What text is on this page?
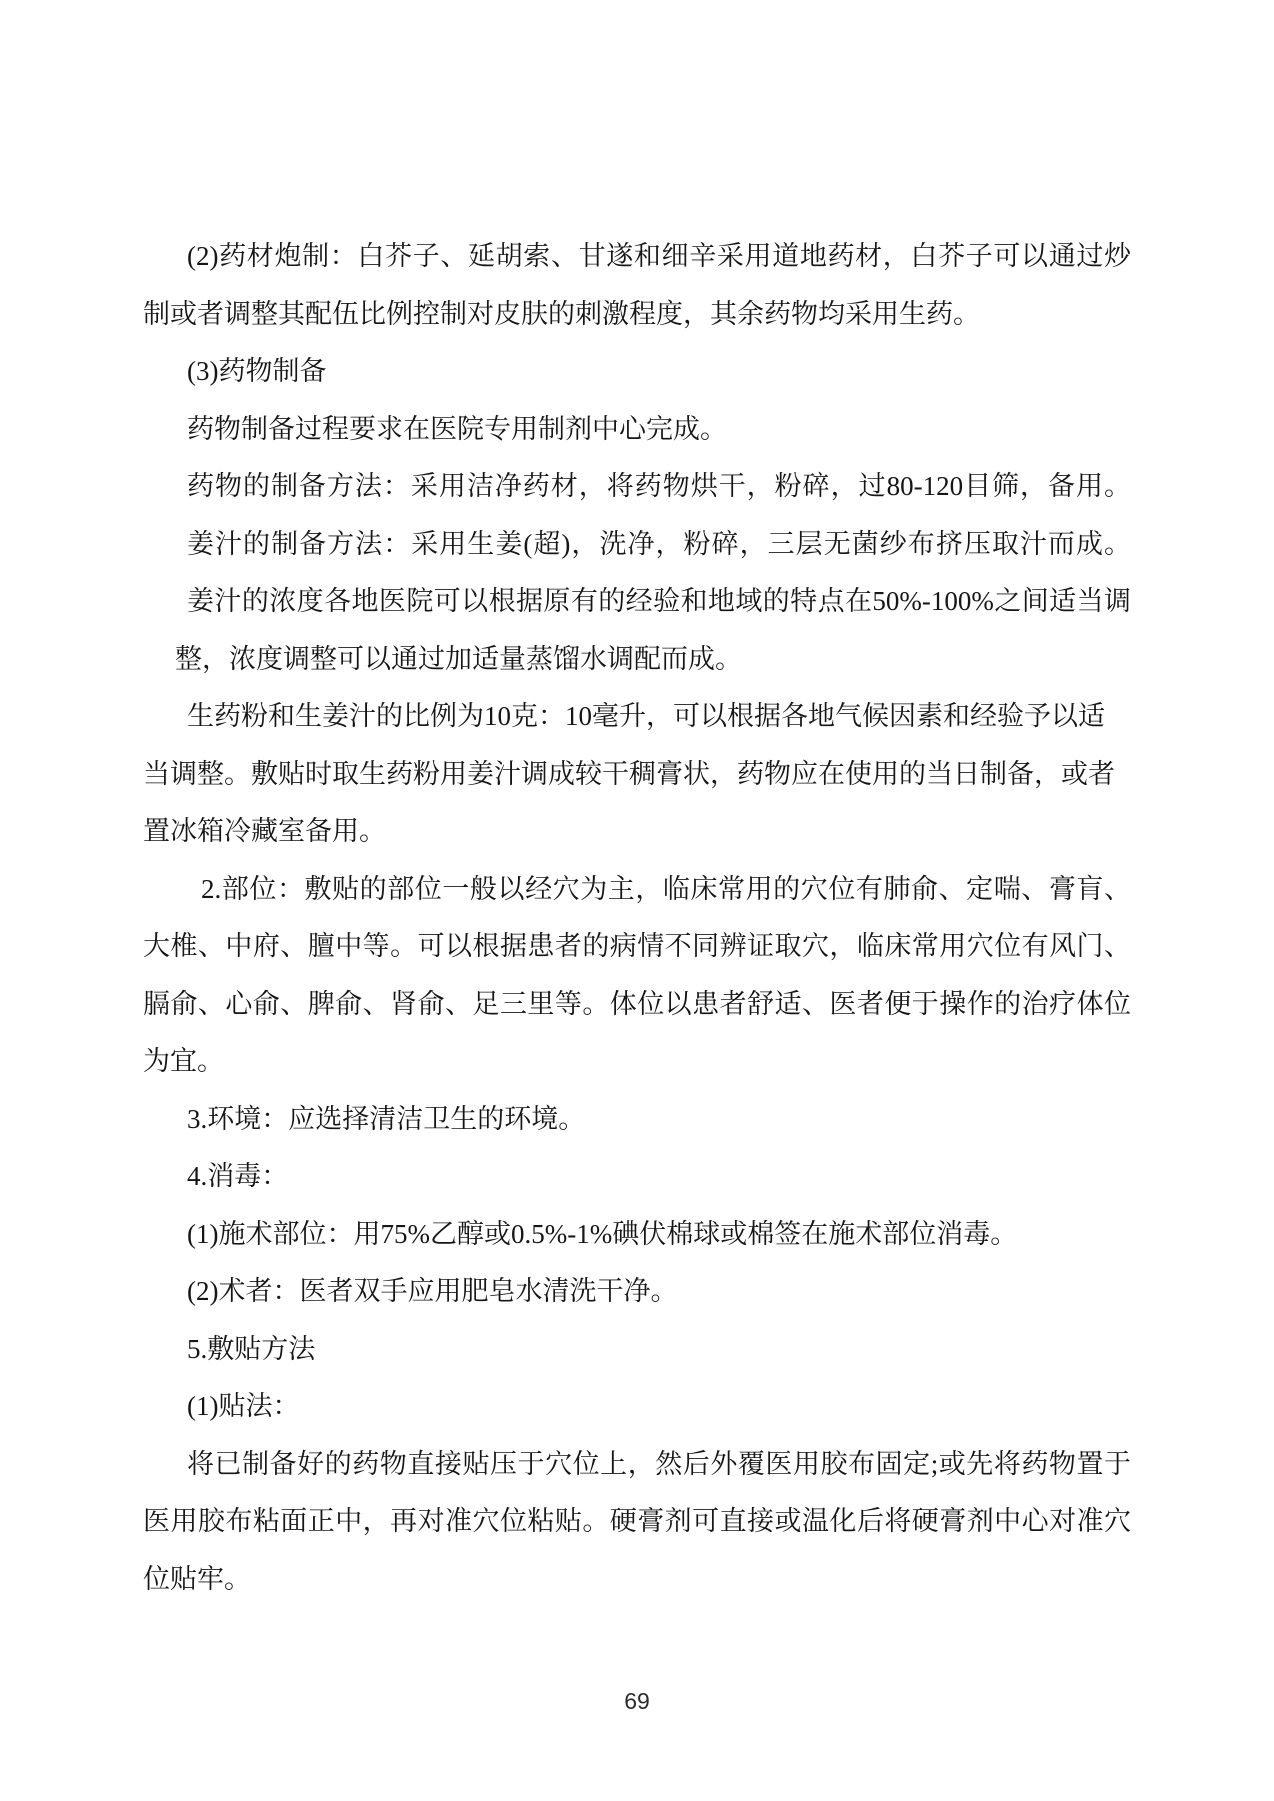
(2)药材炮制：白芥子、延胡索、甘遂和细辛采用道地药材，白芥子可以通过炒

制或者调整其配伍比例控制对皮肤的刺激程度，其余药物均采用生药。

(3)药物制备

药物制备过程要求在医院专用制剂中心完成。

药物的制备方法：采用洁净药材，将药物烘干，粉碎，过80-120目筛，备用。

姜汁的制备方法：采用生姜(超)，洗净，粉碎，三层无菌纱布挤压取汁而成。

姜汁的浓度各地医院可以根据原有的经验和地域的特点在50%-100%之间适当调

整，浓度调整可以通过加适量蒸馏水调配而成。

生药粉和生姜汁的比例为10克：10毫升，可以根据各地气候因素和经验予以适

当调整。敷贴时取生药粉用姜汁调成较干稠膏状，药物应在使用的当日制备，或者

置冰箱冷藏室备用。

2.部位：敷贴的部位一般以经穴为主，临床常用的穴位有肺俞、定喘、膏肓、

大椎、中府、膻中等。可以根据患者的病情不同辨证取穴，临床常用穴位有风门、

膈俞、心俞、脾俞、肾俞、足三里等。体位以患者舒适、医者便于操作的治疗体位

为宜。

3.环境：应选择清洁卫生的环境。

4.消毒：

(1)施术部位：用75%乙醇或0.5%-1%碘伏棉球或棉签在施术部位消毒。

(2)术者：医者双手应用肥皂水清洗干净。

5.敷贴方法

(1)贴法：

将已制备好的药物直接贴压于穴位上，然后外覆医用胶布固定;或先将药物置于

医用胶布粘面正中，再对准穴位粘贴。硬膏剂可直接或温化后将硬膏剂中心对准穴

位贴牢。

69
